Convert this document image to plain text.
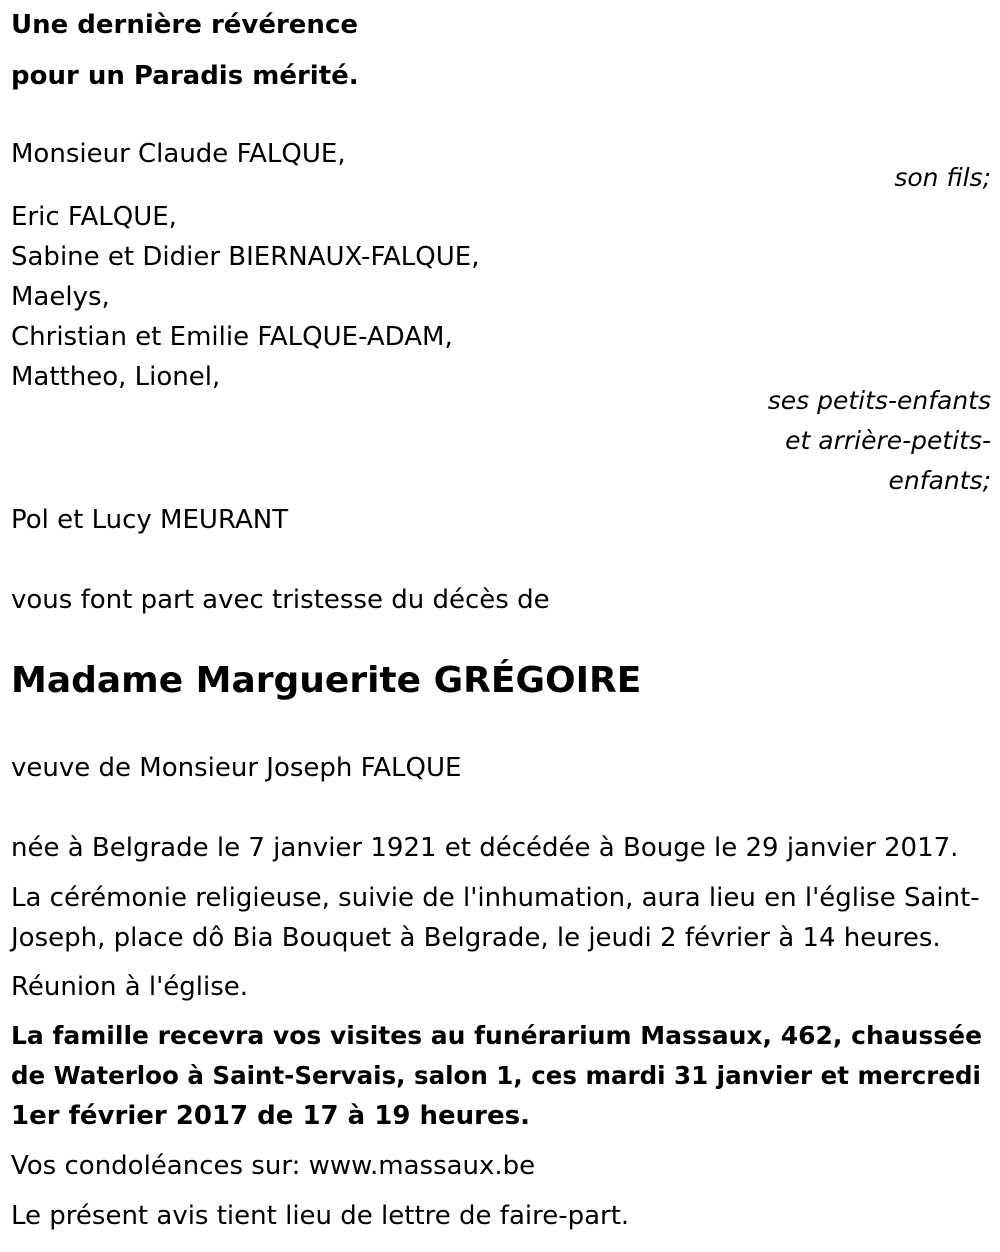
Une dernière révérence
pour un Paradis mérité.
Monsieur Claude FALQUE,
son fils;
Eric FALQUE,
Sabine et Didier BIERNAUX-FALQUE,
Maelys,
Christian et Emilie FALQUE-ADAM,
Mattheo, Lionel,
ses petits-enfants
et arrière-petits-
enfants;
Pol et Lucy MEURANT
vous font part avec tristesse du décès de
Madame Marguerite GRÉGOIRE
veuve de Monsieur Joseph FALQUE
née à Belgrade le 7 janvier 1921 et décédée à Bouge le 29 janvier 2017.
La cérémonie religieuse, suivie de l'inhumation, aura lieu en l'église Saint-
Joseph, place dô Bia Bouquet à Belgrade, le jeudi 2 février à 14 heures.
Réunion à l'église.
La famille recevra vos visites au funérarium Massaux, 462, chaussée
de Waterloo à Saint-Servais, salon 1, ces mardi 31 janvier et mercredi
1er février 2017 de 17 à 19 heures.
Vos condoléances sur: www.massaux.be
Le présent avis tient lieu de lettre de faire-part.
